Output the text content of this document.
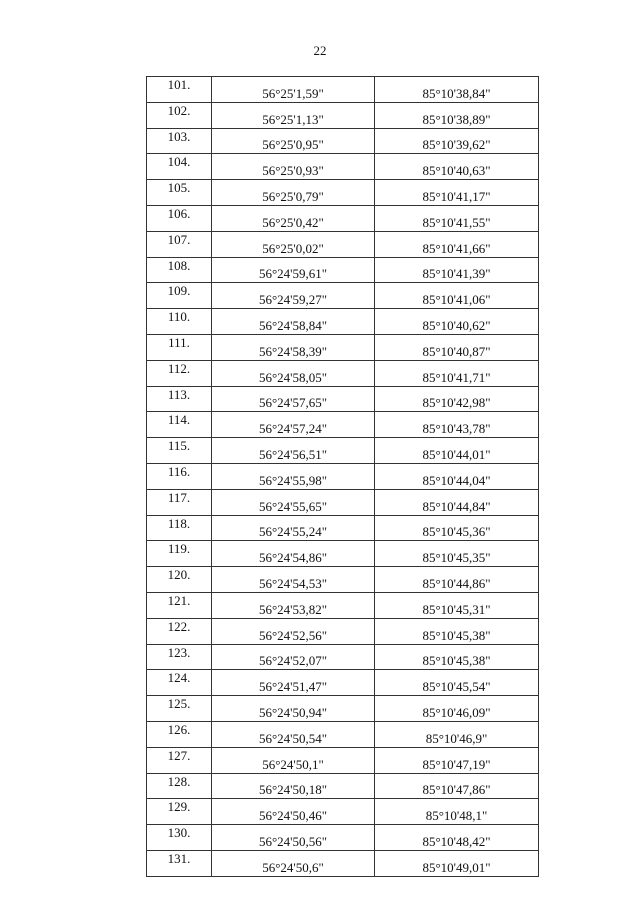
22
101.	56°25'1,59"	85°10'38,84"
102.	56°25'1,13"	85°10'38,89"
103.	56°25'0,95"	85°10'39,62"
104.	56°25'0,93"	85°10'40,63"
105.	56°25'0,79"	85°10'41,17"
106.	56°25'0,42"	85°10'41,55"
107.	56°25'0,02"	85°10'41,66"
108.	56°24'59,61"	85°10'41,39"
109.	56°24'59,27"	85°10'41,06"
110.	56°24'58,84"	85°10'40,62"
111.	56°24'58,39"	85°10'40,87"
112.	56°24'58,05"	85°10'41,71"
113.	56°24'57,65"	85°10'42,98"
114.	56°24'57,24"	85°10'43,78"
115.	56°24'56,51"	85°10'44,01"
116.	56°24'55,98"	85°10'44,04"
117.	56°24'55,65"	85°10'44,84"
118.	56°24'55,24"	85°10'45,36"
119.	56°24'54,86"	85°10'45,35"
120.	56°24'54,53"	85°10'44,86"
121.	56°24'53,82"	85°10'45,31"
122.	56°24'52,56"	85°10'45,38"
123.	56°24'52,07"	85°10'45,38"
124.	56°24'51,47"	85°10'45,54"
125.	56°24'50,94"	85°10'46,09"
126.	56°24'50,54"	85°10'46,9"
127.	56°24'50,1"	85°10'47,19"
128.	56°24'50,18"	85°10'47,86"
129.	56°24'50,46"	85°10'48,1"
130.	56°24'50,56"	85°10'48,42"
131.	56°24'50,6"	85°10'49,01"
